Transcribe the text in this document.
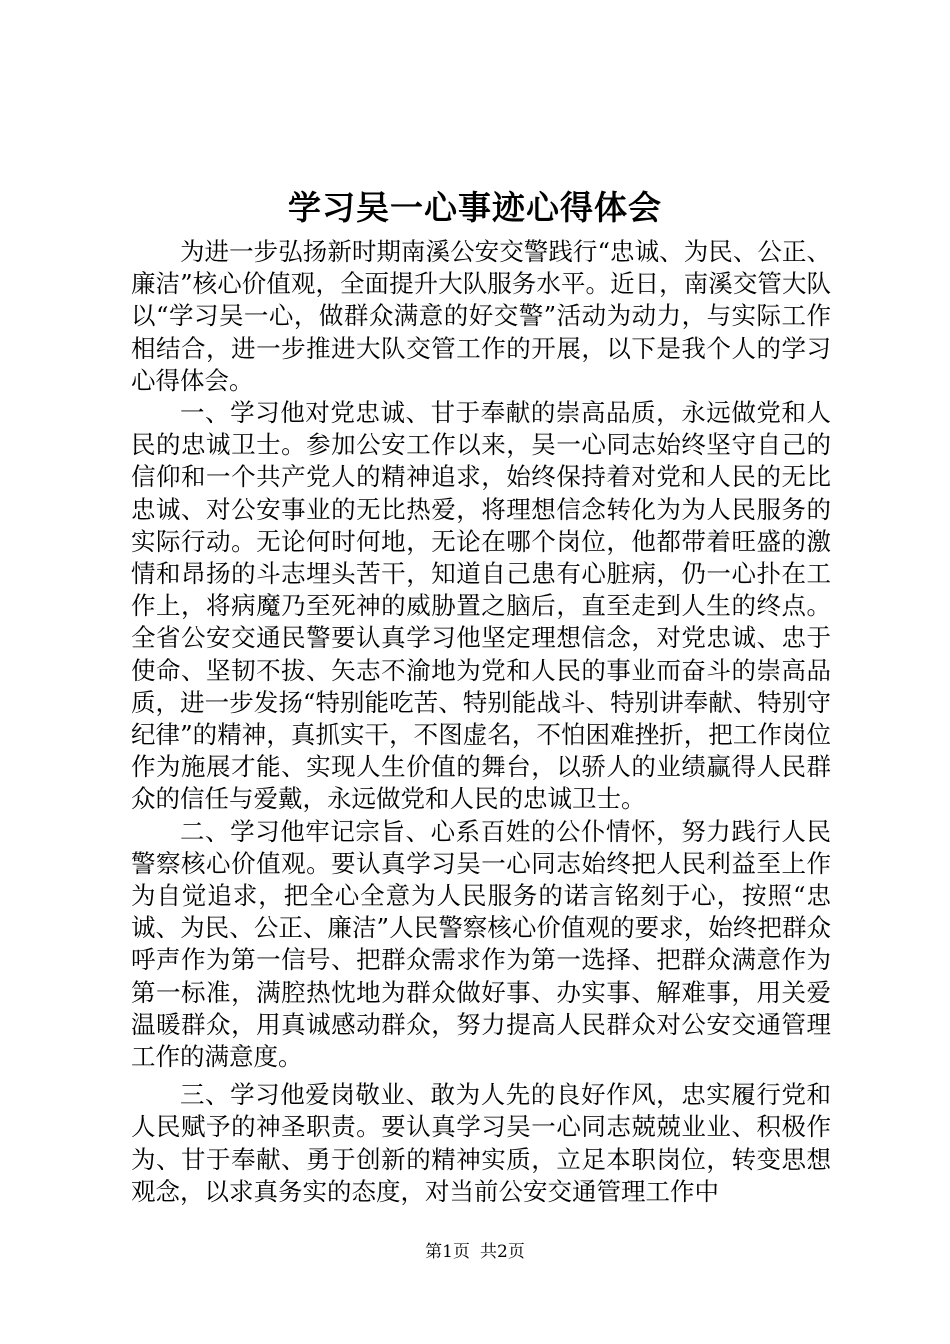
学习吴一心事迹心得体会

为进一步弘扬新时期南溪公安交警践行“忠诚、为民、公正、廉洁”核心价值观，全面提升大队服务水平。近日，南溪交管大队以“学习吴一心，做群众满意的好交警”活动为动力，与实际工作相结合，进一步推进大队交管工作的开展，以下是我个人的学习心得体会。

一、学习他对党忠诚、甘于奉献的崇高品质，永远做党和人民的忠诚卫士。参加公安工作以来，吴一心同志始终坚守自己的信仰和一个共产党人的精神追求，始终保持着对党和人民的无比忠诚、对公安事业的无比热爱，将理想信念转化为为人民服务的实际行动。无论何时何地，无论在哪个岗位，他都带着旺盛的激情和昂扬的斗志埋头苦干，知道自己患有心脏病，仍一心扑在工作上，将病魔乃至死神的威胁置之脑后，直至走到人生的终点。全省公安交通民警要认真学习他坚定理想信念，对党忠诚、忠于使命、坚韧不拔、矢志不渝地为党和人民的事业而奋斗的崇高品质，进一步发扬“特别能吃苦、特别能战斗、特别讲奉献、特别守纪律”的精神，真抓实干，不图虚名，不怕困难挫折，把工作岗位作为施展才能、实现人生价值的舞台，以骄人的业绩赢得人民群众的信任与爱戴，永远做党和人民的忠诚卫士。

二、学习他牢记宗旨、心系百姓的公仆情怀，努力践行人民警察核心价值观。要认真学习吴一心同志始终把人民利益至上作为自觉追求，把全心全意为人民服务的诺言铭刻于心，按照“忠诚、为民、公正、廉洁”人民警察核心价值观的要求，始终把群众呼声作为第一信号、把群众需求作为第一选择、把群众满意作为第一标准，满腔热忱地为群众做好事、办实事、解难事，用关爱温暖群众，用真诚感动群众，努力提高人民群众对公安交通管理工作的满意度。

三、学习他爱岗敬业、敢为人先的良好作风，忠实履行党和人民赋予的神圣职责。要认真学习吴一心同志兢兢业业、积极作为、甘于奉献、勇于创新的精神实质，立足本职岗位，转变思想观念，以求真务实的态度，对当前公安交通管理工作中

第1页 共2页
